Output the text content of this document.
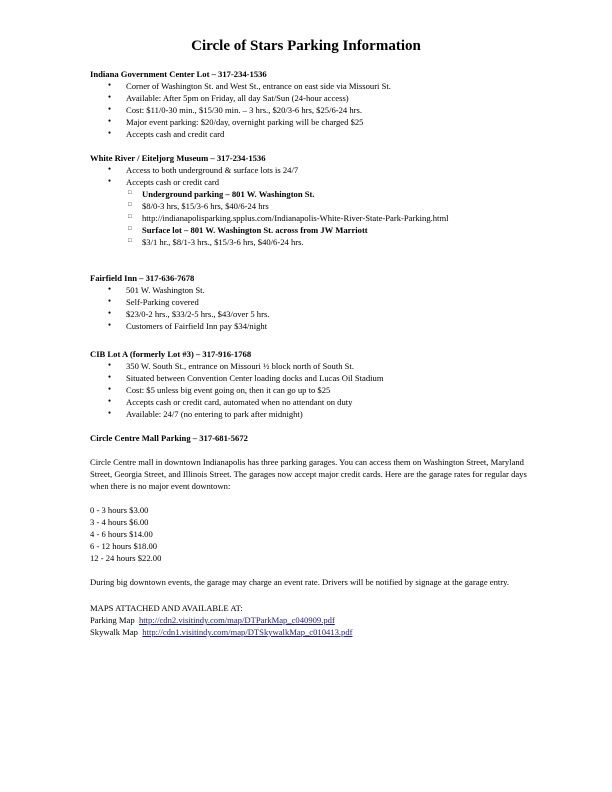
Circle of Stars Parking Information

Indiana Government Center Lot – 317-234-1536

● Corner of Washington St. and West St., entrance on east side via Missouri St.
● Available: After 5pm on Friday, all day Sat/Sun (24-hour access)
● Cost: $11/0-30 min., $15/30 min. – 3 hrs., $20/3-6 hrs, $25/6-24 hrs.
● Major event parking: $20/day, overnight parking will be charged $25
● Accepts cash and credit card

White River / Eiteljorg Museum – 317-234-1536

● Access to both underground & surface lots is 24/7
● Accepts cash or credit card
□ Underground parking – 801 W. Washington St.
□ $8/0-3 hrs, $15/3-6 hrs, $40/6-24 hrs
□ http://indianapolisparking.spplus.com/Indianapolis-White-River-State-Park-Parking.html
□ Surface lot – 801 W. Washington St. across from JW Marriott
□ $3/1 hr., $8/1-3 hrs., $15/3-6 hrs, $40/6-24 hrs.

Fairfield Inn – 317-636-7678

● 501 W. Washington St.
● Self-Parking covered
● $23/0-2 hrs., $33/2-5 hrs., $43/over 5 hrs.
● Customers of Fairfield Inn pay $34/night

CIB Lot A (formerly Lot #3) – 317-916-1768

● 350 W. South St., entrance on Missouri ½ block north of South St.
● Situated between Convention Center loading docks and Lucas Oil Stadium
● Cost: $5 unless big event going on, then it can go up to $25
● Accepts cash or credit card, automated when no attendant on duty
● Available: 24/7 (no entering to park after midnight)

Circle Centre Mall Parking – 317-681-5672

Circle Centre mall in downtown Indianapolis has three parking garages. You can access them on Washington Street, Maryland Street, Georgia Street, and Illinois Street. The garages now accept major credit cards. Here are the garage rates for regular days when there is no major event downtown:

0 - 3 hours $3.00

3 - 4 hours $6.00

4 - 6 hours $14.00

6 - 12 hours $18.00

12 - 24 hours $22.00

During big downtown events, the garage may charge an event rate. Drivers will be notified by signage at the garage entry.

MAPS ATTACHED AND AVAILABLE AT:

Parking Map http://cdn2.visitindy.com/map/DTParkMap_c040909.pdf

Skywalk Map http://cdn1.visitindy.com/map/DTSkywalkMap_c010413.pdf
